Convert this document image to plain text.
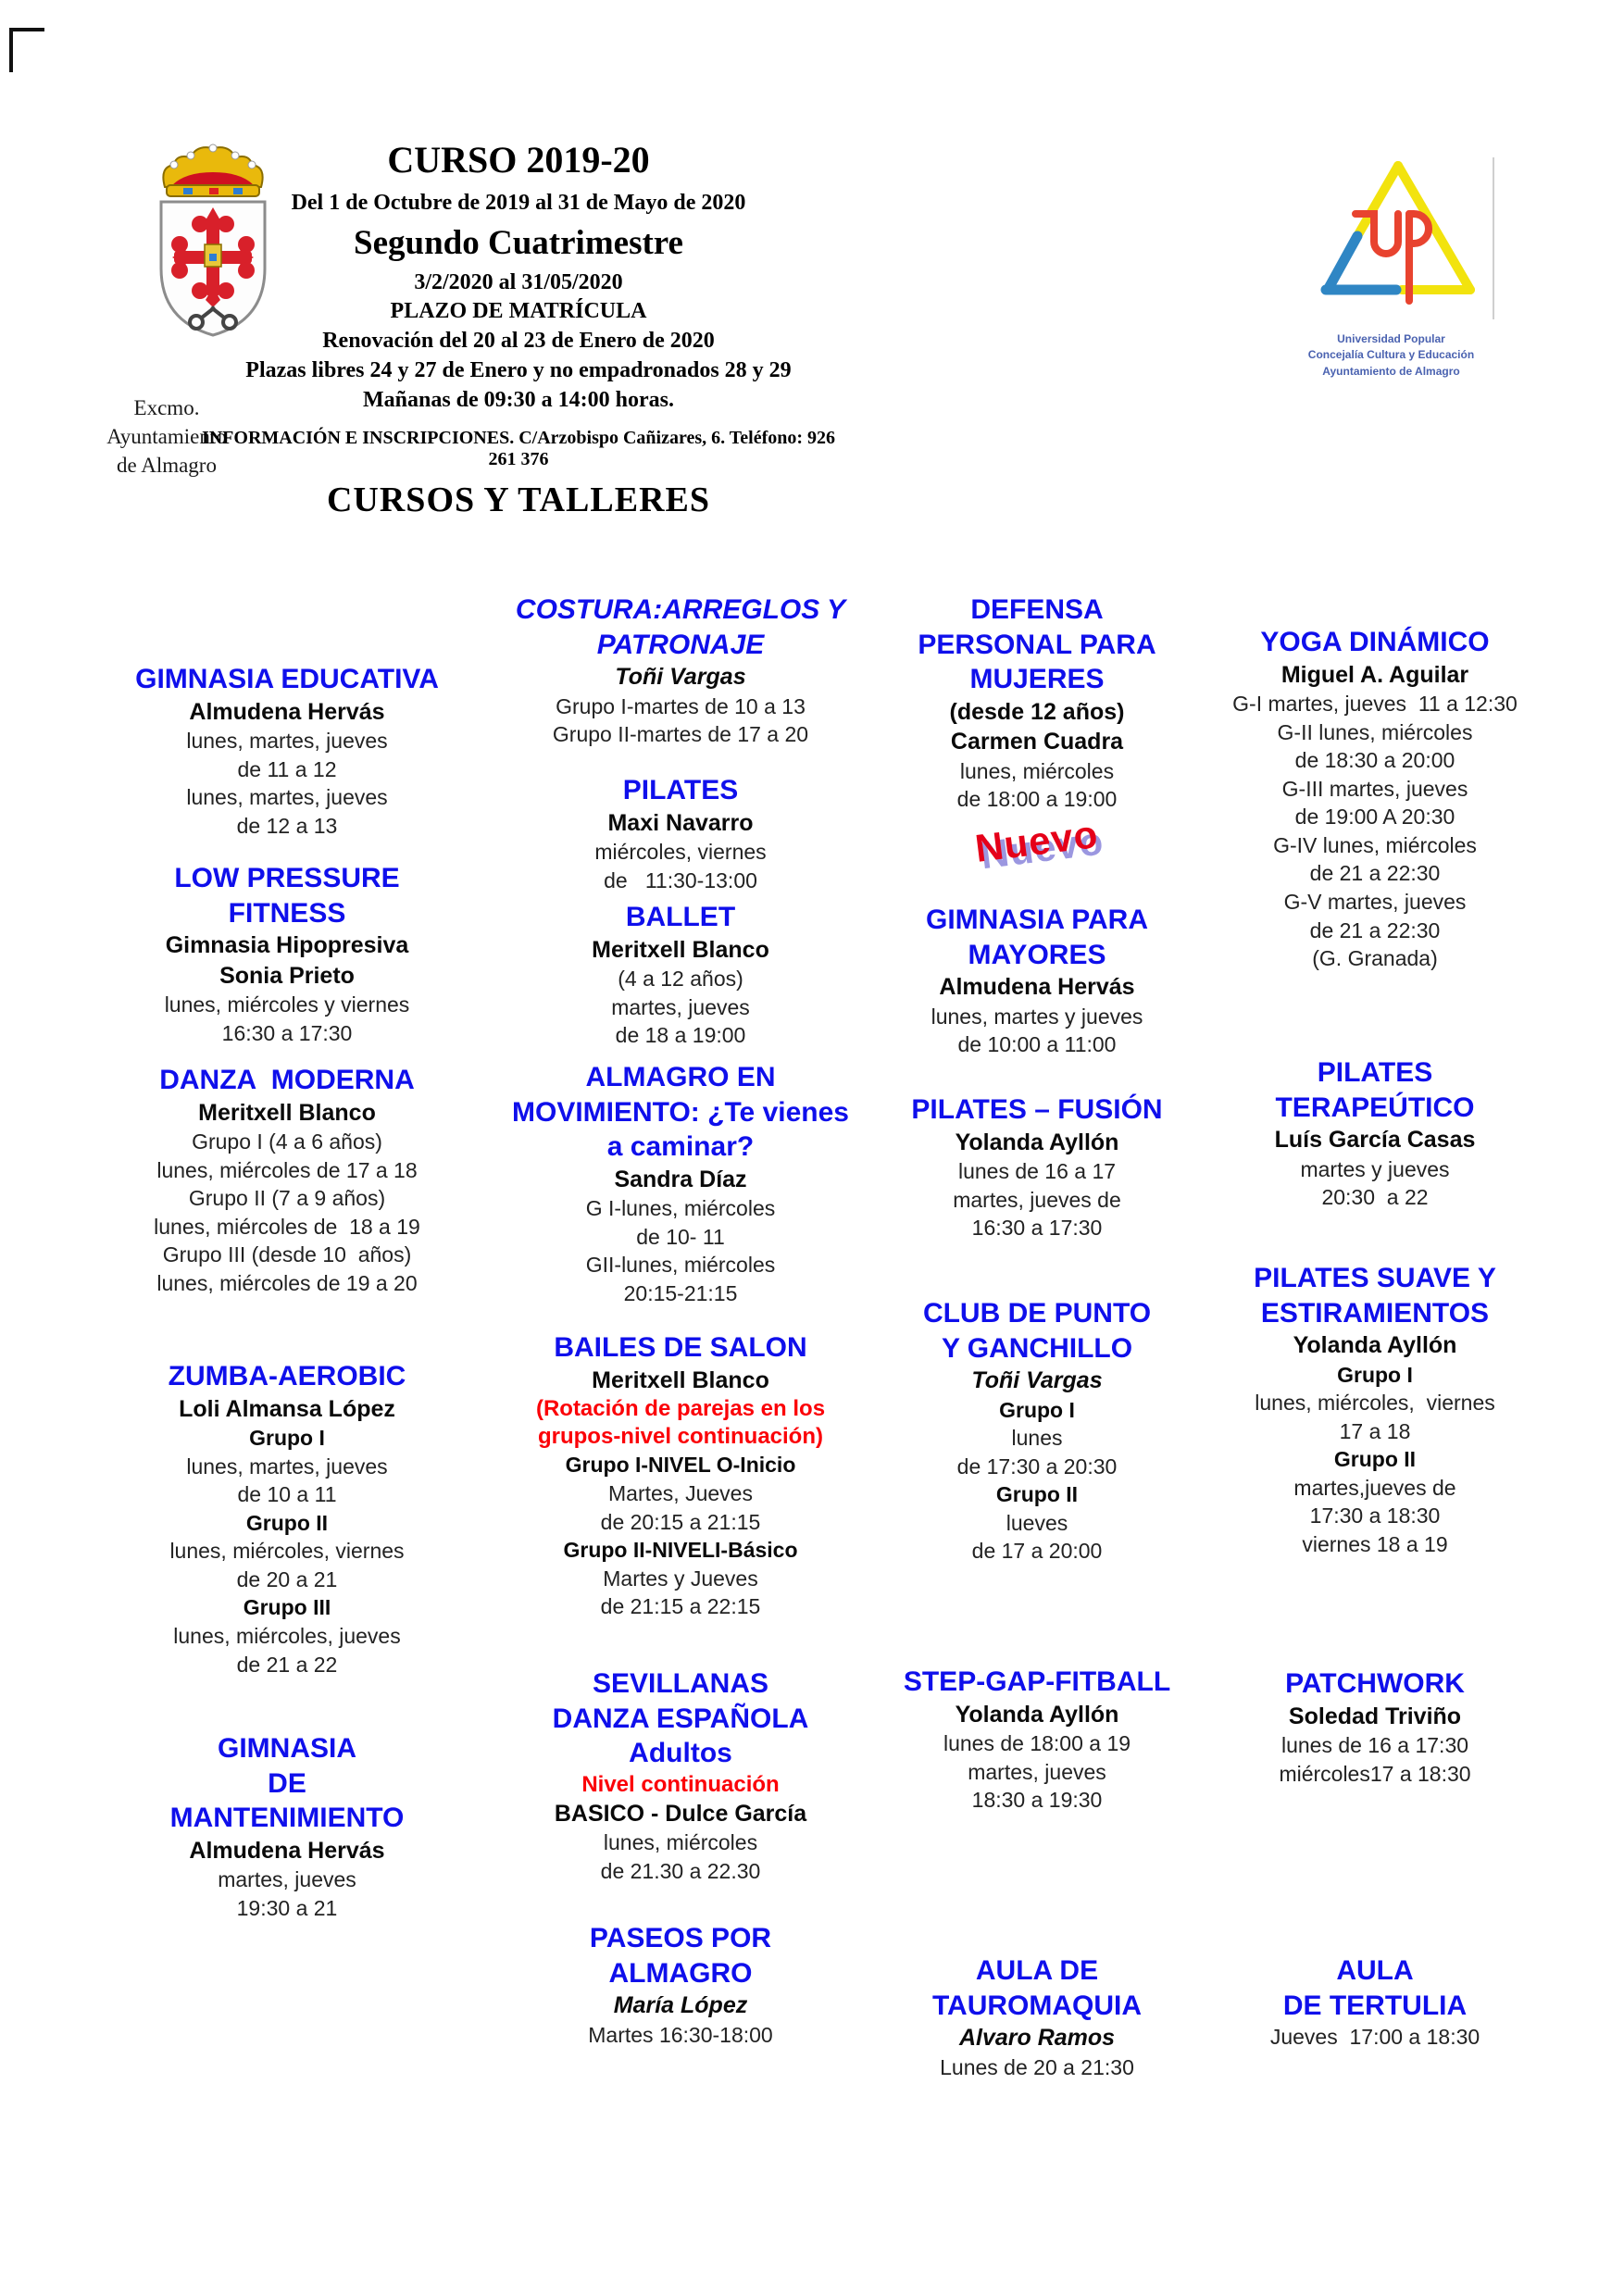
Excmo.
Ayuntamiento
de Almagro
CURSO 2019-20
Del 1 de Octubre de 2019 al 31 de Mayo de 2020
Segundo Cuatrimestre
3/2/2020 al 31/05/2020
PLAZO DE MATRÍCULA
Renovación del 20 al 23 de Enero de 2020
Plazas libres 24 y 27 de Enero y no empadronados 28 y 29
Mañanas de 09:30 a 14:00 horas.
INFORMACIÓN E INSCRIPCIONES. C/Arzobispo Cañizares, 6. Teléfono: 926 261 376
CURSOS Y TALLERES
Universidad Popular
Concejalía Cultura y Educación
Ayuntamiento de Almagro
GIMNASIA EDUCATIVA
Almudena Hervás
lunes, martes, jueves
de 11 a 12
lunes, martes, jueves
de 12 a 13
LOW PRESSURE
FITNESS
Gimnasia Hipopresiva
Sonia Prieto
lunes, miércoles y viernes
16:30 a 17:30
DANZA  MODERNA
Meritxell Blanco
Grupo I (4 a 6 años)
lunes, miércoles de 17 a 18
Grupo II (7 a 9 años)
lunes, miércoles de  18 a 19
Grupo III (desde 10  años)
lunes, miércoles de 19 a 20
ZUMBA-AEROBIC
Loli Almansa López
Grupo I
lunes, martes, jueves
de 10 a 11
Grupo II
lunes, miércoles, viernes
de 20 a 21
Grupo III
lunes, miércoles, jueves
de 21 a 22
GIMNASIA
DE
MANTENIMIENTO
Almudena Hervás
martes, jueves
19:30 a 21
COSTURA:ARREGLOS Y
PATRONAJE
Toñi Vargas
Grupo I-martes de 10 a 13
Grupo II-martes de 17 a 20
PILATES
Maxi Navarro
miércoles, viernes
de   11:30-13:00
BALLET
Meritxell Blanco
(4 a 12 años)
martes, jueves
de 18 a 19:00
ALMAGRO EN
MOVIMIENTO: ¿Te vienes
a caminar?
Sandra Díaz
G I-lunes, miércoles
de 10- 11
GII-lunes, miércoles
20:15-21:15
BAILES DE SALON
Meritxell Blanco
(Rotación de parejas en los
grupos-nivel continuación)
Grupo I-NIVEL O-Inicio
Martes, Jueves
de 20:15 a 21:15
Grupo II-NIVELI-Básico
Martes y Jueves
de 21:15 a 22:15
SEVILLANAS
DANZA ESPAÑOLA
Adultos
Nivel continuación
BASICO - Dulce García
lunes, miércoles
de 21.30 a 22.30
PASEOS POR
ALMAGRO
María López
Martes 16:30-18:00
DEFENSA
PERSONAL PARA
MUJERES
(desde 12 años)
Carmen Cuadra
lunes, miércoles
de 18:00 a 19:00
Nuevo
GIMNASIA PARA
MAYORES
Almudena Hervás
lunes, martes y jueves
de 10:00 a 11:00
PILATES – FUSIÓN
Yolanda Ayllón
lunes de 16 a 17
martes, jueves de
16:30 a 17:30
CLUB DE PUNTO
Y GANCHILLO
Toñi Vargas
Grupo I
lunes
de 17:30 a 20:30
Grupo II
lueves
de 17 a 20:00
STEP-GAP-FITBALL
Yolanda Ayllón
lunes de 18:00 a 19
martes, jueves
18:30 a 19:30
AULA DE
TAUROMAQUIA
Alvaro Ramos
Lunes de 20 a 21:30
YOGA DINÁMICO
Miguel A. Aguilar
G-I martes, jueves  11 a 12:30
G-II lunes, miércoles
de 18:30 a 20:00
G-III martes, jueves
de 19:00 A 20:30
G-IV lunes, miércoles
de 21 a 22:30
G-V martes, jueves
de 21 a 22:30
(G. Granada)
PILATES
TERAPEÚTICO
Luís García Casas
martes y jueves
20:30  a 22
PILATES SUAVE Y
ESTIRAMIENTOS
Yolanda Ayllón
Grupo I
lunes, miércoles,  viernes
17 a 18
Grupo II
martes,jueves de
17:30 a 18:30
viernes 18 a 19
PATCHWORK
Soledad Triviño
lunes de 16 a 17:30
miércoles17 a 18:30
AULA
DE TERTULIA
Jueves  17:00 a 18:30
